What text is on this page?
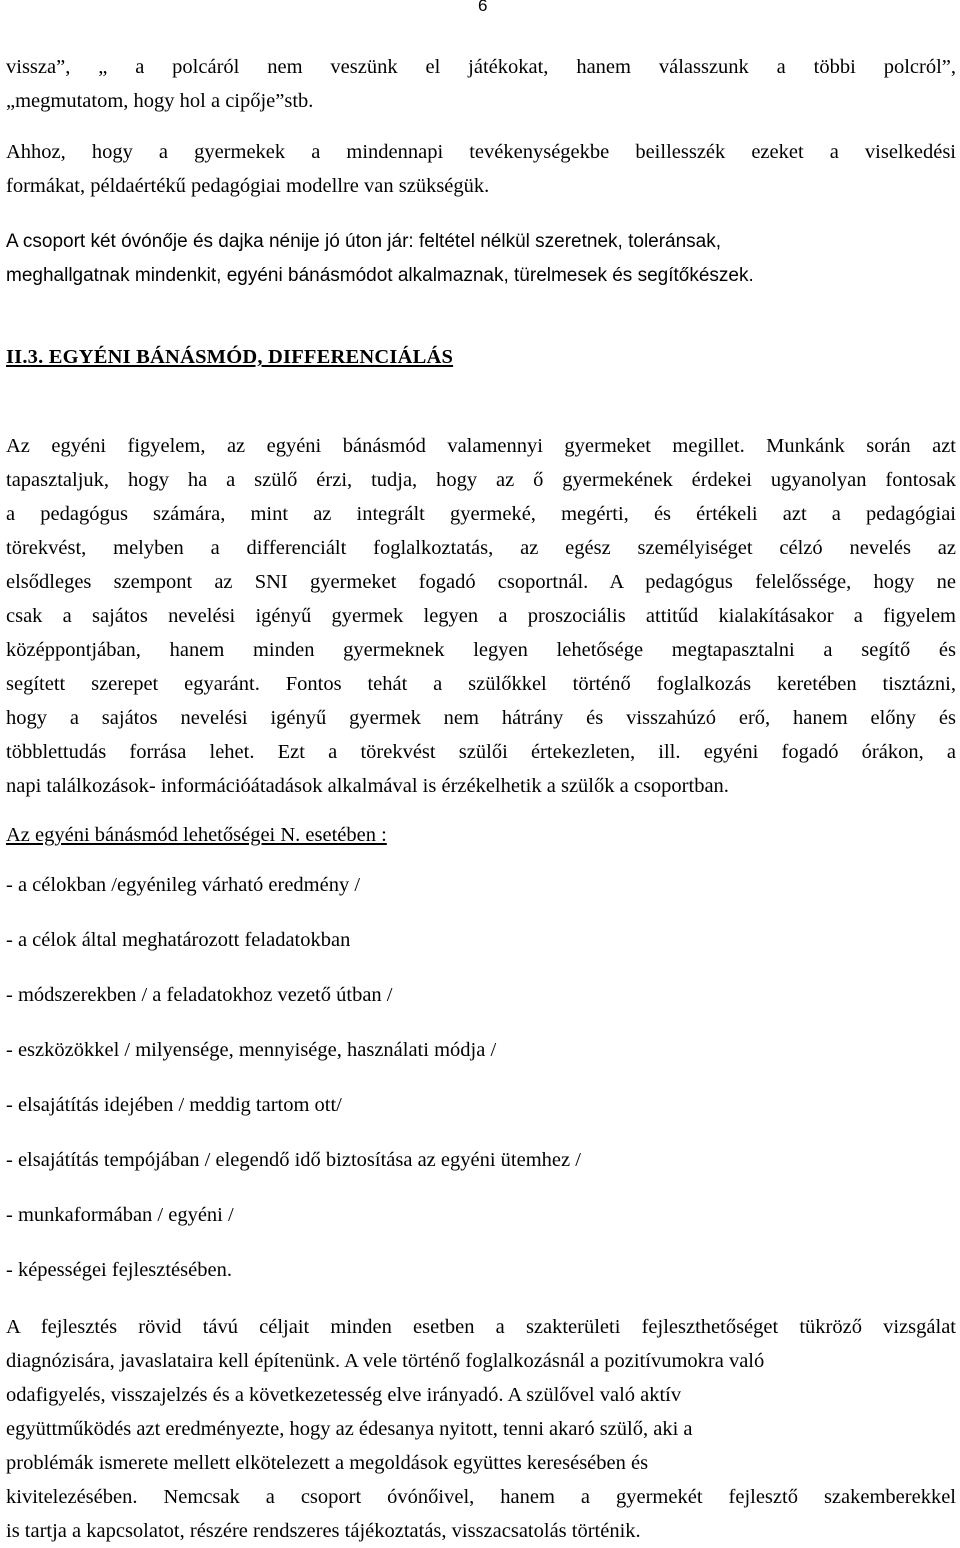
6
vissza”, „ a polcáról nem veszünk el játékokat, hanem válasszunk a többi polcról”,
„megmutatom, hogy hol a cipője”stb.
Ahhoz, hogy a gyermekek a mindennapi tevékenységekbe beillesszék ezeket a viselkedési
formákat, példaértékű pedagógiai modellre van szükségük.
A csoport két óvónője és dajka nénije jó úton jár: feltétel nélkül szeretnek, toleránsak,
meghallgatnak mindenkit, egyéni bánásmódot alkalmaznak, türelmesek és segítőkészek.
II.3. EGYÉNI BÁNÁSMÓD, DIFFERENCIÁLÁS
Az egyéni figyelem, az egyéni bánásmód valamennyi gyermeket megillet. Munkánk során azt
tapasztaljuk, hogy ha a szülő érzi, tudja, hogy az ő gyermekének érdekei ugyanolyan fontosak
a pedagógus számára, mint az integrált gyermeké, megérti, és értékeli azt a pedagógiai
törekvést, melyben a differenciált foglalkoztatás, az egész személyiséget célzó nevelés az
elsődleges szempont az SNI gyermeket fogadó csoportnál. A pedagógus felelőssége, hogy ne
csak a sajátos nevelési igényű gyermek legyen a proszociális attitűd kialakításakor a figyelem
középpontjában, hanem minden gyermeknek legyen lehetősége megtapasztalni a segítő és
segített szerepet egyaránt. Fontos tehát a szülőkkel történő foglalkozás keretében tisztázni,
hogy a sajátos nevelési igényű gyermek nem hátrány és visszahúzó erő, hanem előny és
többlettudás forrása lehet. Ezt a törekvést szülői értekezleten, ill. egyéni fogadó órákon, a
napi találkozások- információátadások alkalmával is érzékelhetik a szülők a csoportban.
Az egyéni bánásmód lehetőségei N. esetében :
- a célokban /egyénileg várható eredmény /
- a célok által meghatározott feladatokban
- módszerekben / a feladatokhoz vezető útban /
- eszközökkel / milyensége, mennyisége, használati módja /
- elsajátítás idejében / meddig tartom ott/
- elsajátítás tempójában / elegendő idő biztosítása az egyéni ütemhez /
- munkaformában / egyéni /
- képességei fejlesztésében.
A fejlesztés rövid távú céljait minden esetben a szakterületi fejleszthetőséget tükröző vizsgálat
diagnózisára, javaslataira kell építenünk. A vele történő foglalkozásnál a pozitívumokra való
odafigyelés, visszajelzés és a következetesség elve irányadó. A szülővel való aktív
együttműködés azt eredményezte, hogy az édesanya nyitott, tenni akaró szülő, aki a
problémák ismerete mellett elkötelezett a megoldások együttes keresésében és
kivitelezésében. Nemcsak a csoport óvónőivel, hanem a gyermekét fejlesztő szakemberekkel
is tartja a kapcsolatot, részére rendszeres tájékoztatás, visszacsatolás történik.
